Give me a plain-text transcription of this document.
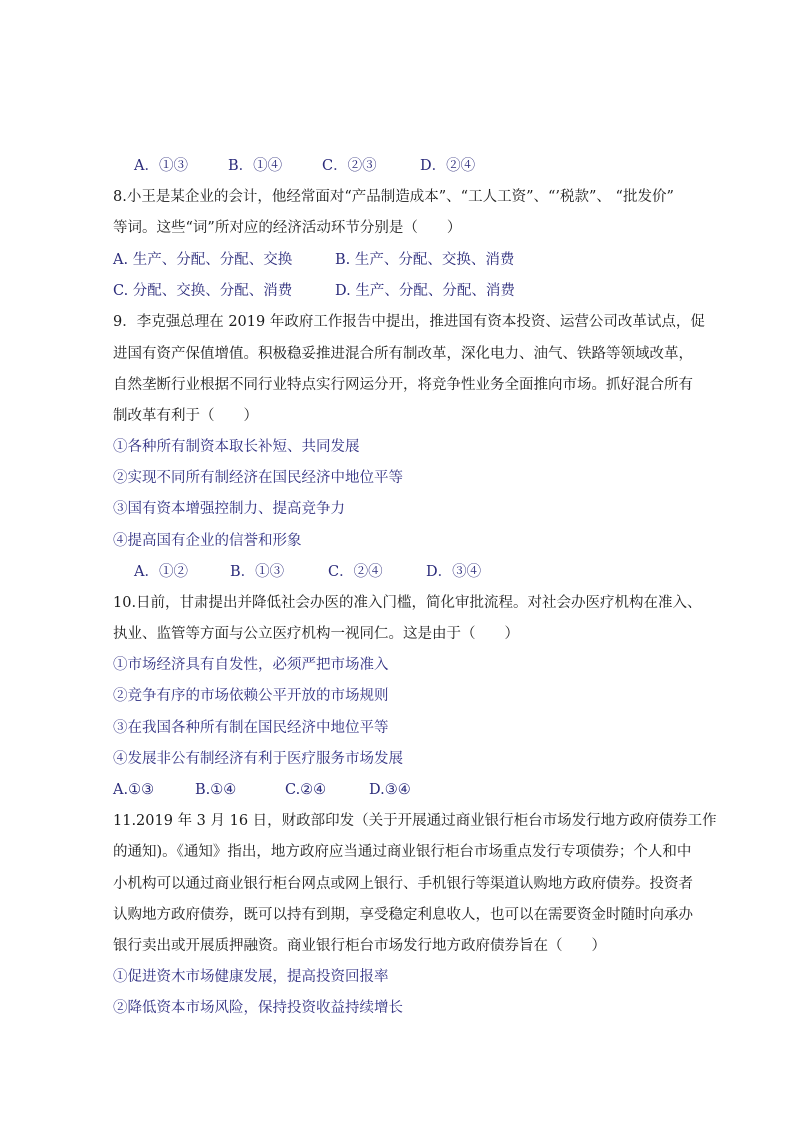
A．①③	B．①④	C．②③	D．②④
8.小王是某企业的会计，他经常面对“产品制造成本”、“工人工资”、“’税款”、 “批发价”
等词。这些“词”所对应的经济活动环节分别是（　　）
A. 生产、分配、分配、交换	B. 生产、分配、交换、消费
C. 分配、交换、分配、消费	D. 生产、分配、分配、消费
9．李克强总理在 2019 年政府工作报告中提出，推进国有资本投资、运营公司改革试点，促
进国有资产保值增值。积极稳妥推进混合所有制改革，深化电力、油气、铁路等领域改革，
自然垄断行业根据不同行业特点实行网运分开，将竞争性业务全面推向市场。抓好混合所有
制改革有利于（　　）
①各种所有制资本取长补短、共同发展
②实现不同所有制经济在国民经济中地位平等
③国有资本增强控制力、提高竞争力
④提高国有企业的信誉和形象
A．①②	B．①③	C．②④	D．③④
10.日前，甘肃提出并降低社会办医的准入门槛，简化审批流程。对社会办医疗机构在准入、
执业、监管等方面与公立医疗机构一视同仁。这是由于（　　）
①市场经济具有自发性，必须严把市场准入
②竞争有序的市场依赖公平开放的市场规则
③在我国各种所有制在国民经济中地位平等
④发展非公有制经济有利于医疗服务市场发展
A.①③	B.①④	C.②④	D.③④
11.2019 年 3 月 16 日，财政部印发（关于开展通过商业银行柜台市场发行地方政府债券工作
的通知)。《通知》指出，地方政府应当通过商业银行柜台市场重点发行专项债券；个人和中
小机构可以通过商业银行柜台网点或网上银行、手机银行等渠道认购地方政府债券。投资者
认购地方政府债券，既可以持有到期，享受稳定利息收人，也可以在需要资金时随时向承办
银行卖出或开展质押融资。商业银行柜台市场发行地方政府债券旨在（　　）
①促进资木市场健康发展，提高投资回报率
②降低资本市场风险，保持投资收益持续增长
